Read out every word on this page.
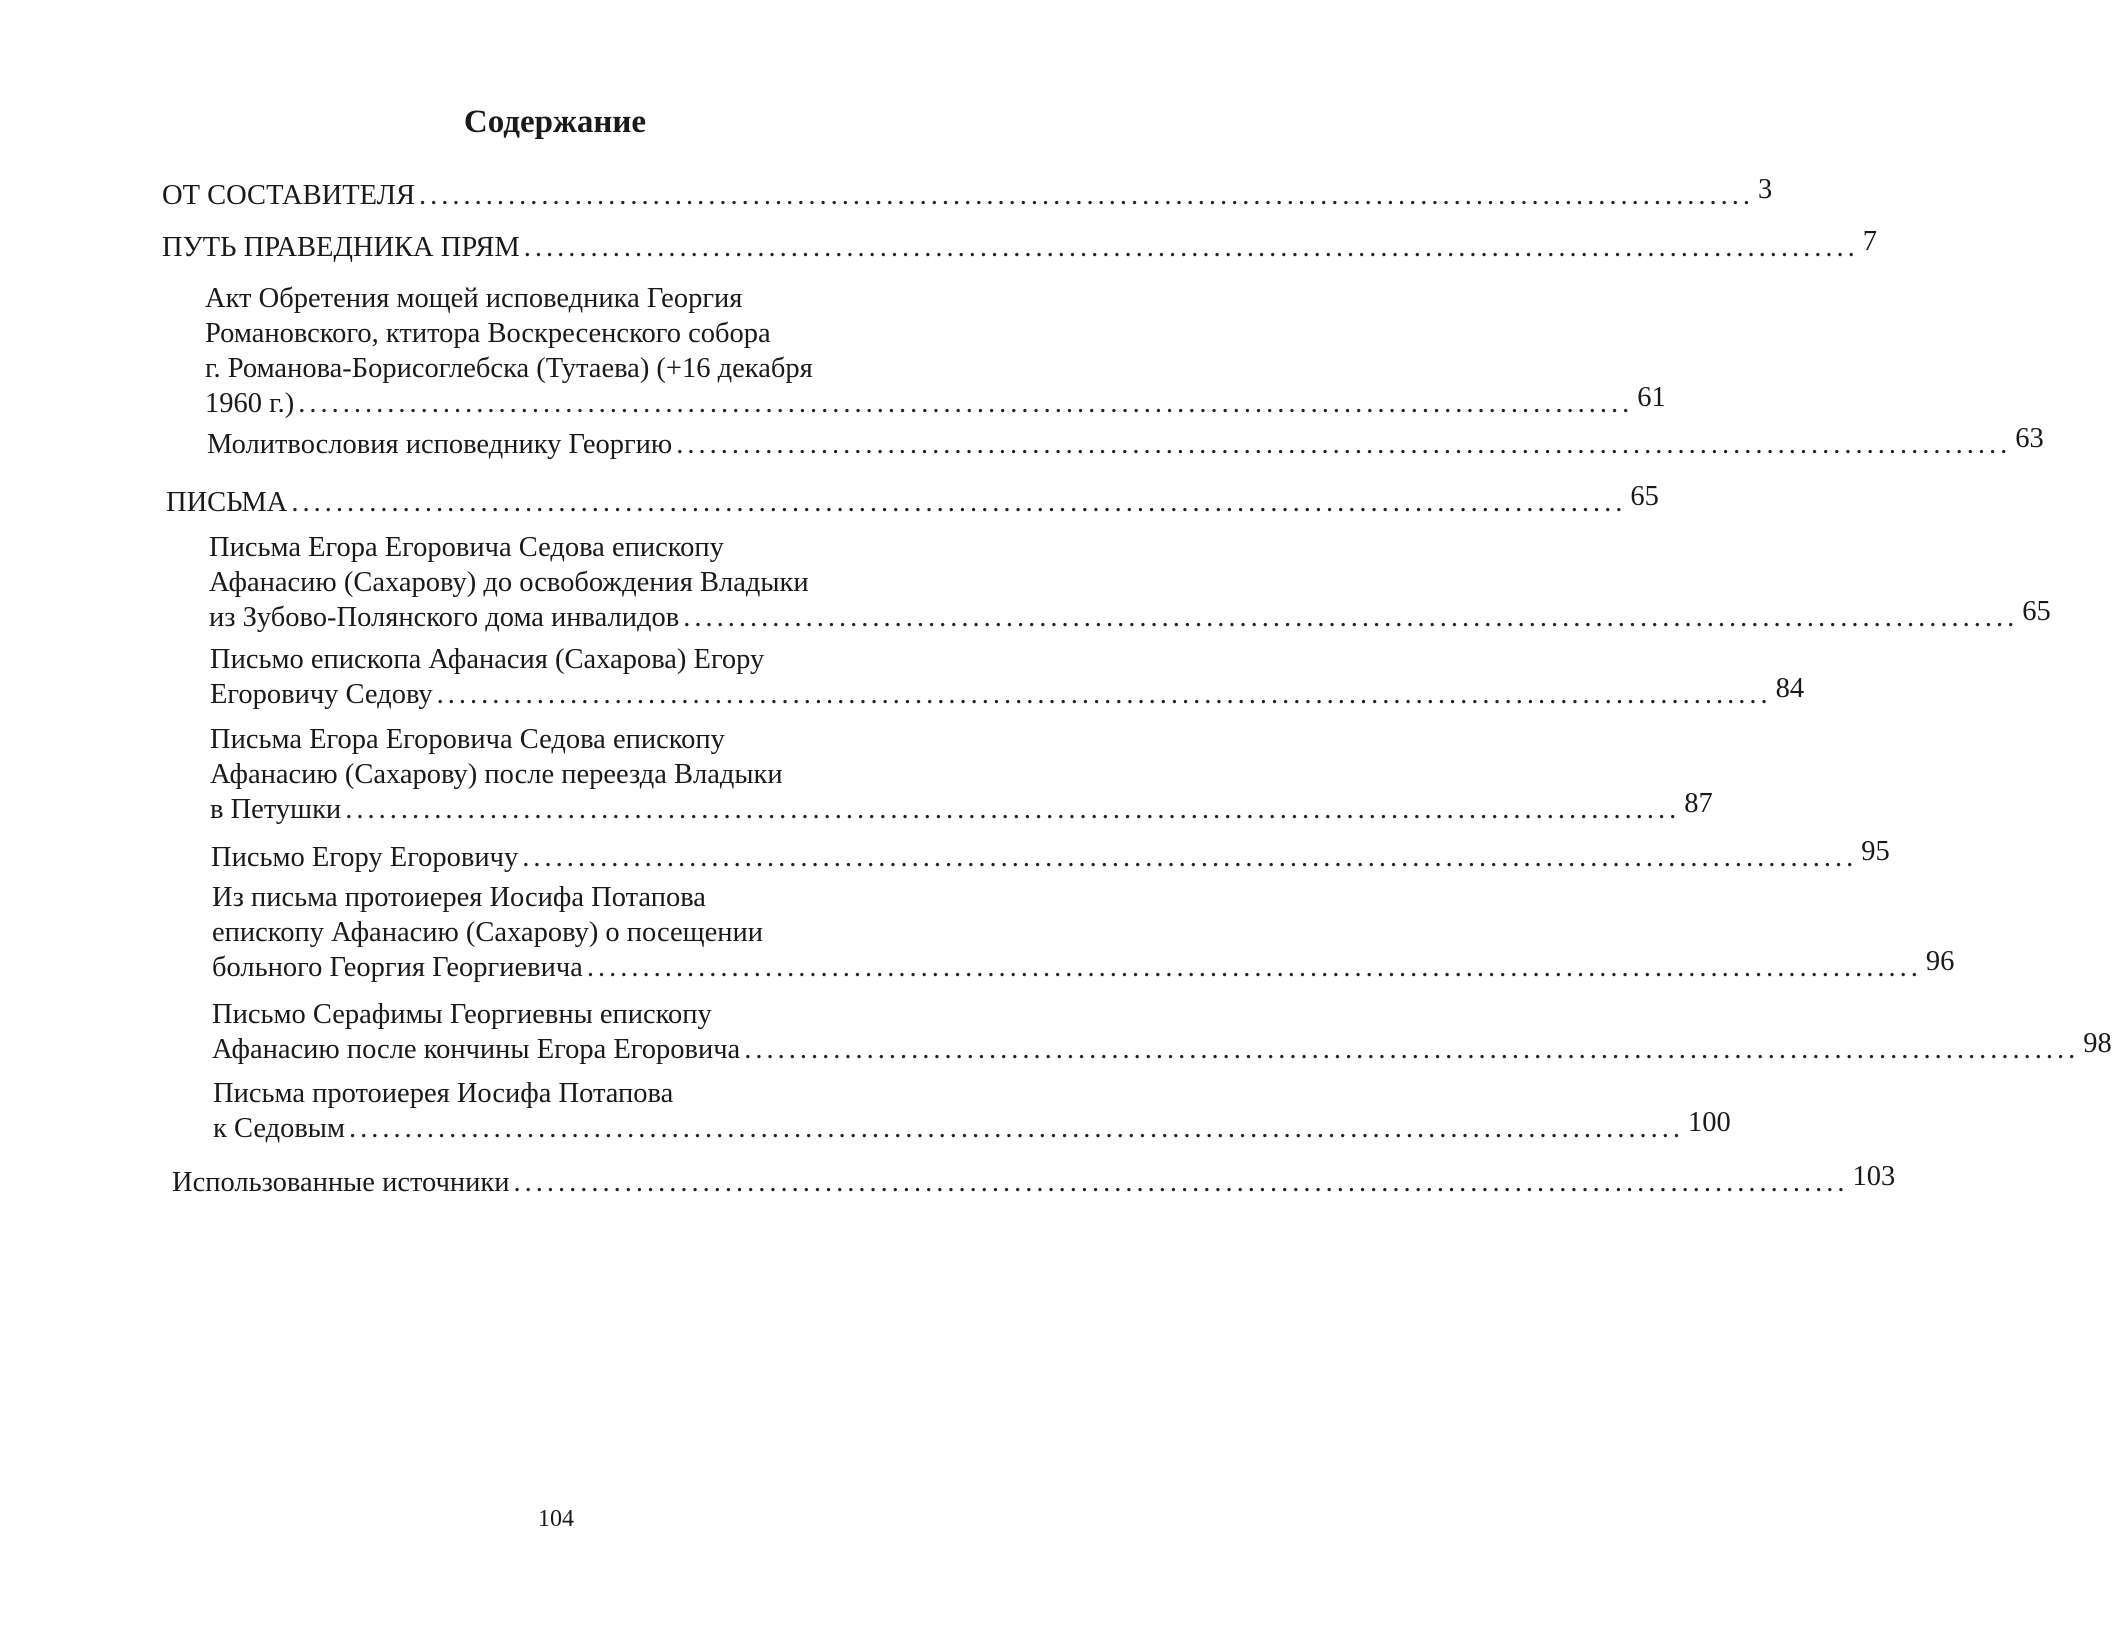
Содержание
ОТ СОСТАВИТЕЛЯ ........................................................................................................................ 3
ПУТЬ ПРАВЕДНИКА ПРЯМ ........................................................................................................................ 7
Акт Обретения мощей исповедника Георгия
Романовского, ктитора Воскресенского собора
г. Романова-Борисоглебска (Тутаева) (+16 декабря
1960 г.) ........................................................................................................................ 61
Молитвословия исповеднику Георгию ........................................................................................................................ 63
ПИСЬМА ........................................................................................................................ 65
Письма Егора Егоровича Седова епископу
Афанасию (Сахарову) до освобождения Владыки
из Зубово-Полянского дома инвалидов ........................................................................................................................ 65
Письмо епископа Афанасия (Сахарова) Егору
Егоровичу Седову ........................................................................................................................ 84
Письма Егора Егоровича Седова епископу
Афанасию (Сахарову) после переезда Владыки
в Петушки ........................................................................................................................ 87
Письмо Егору Егоровичу ........................................................................................................................ 95
Из письма протоиерея Иосифа Потапова
епископу Афанасию (Сахарову) о посещении
больного Георгия Георгиевича ........................................................................................................................ 96
Письмо Серафимы Георгиевны епископу
Афанасию после кончины Егора Егоровича ........................................................................................................................ 98
Письма протоиерея Иосифа Потапова
к Седовым ........................................................................................................................ 100
Использованные источники ........................................................................................................................ 103
104
